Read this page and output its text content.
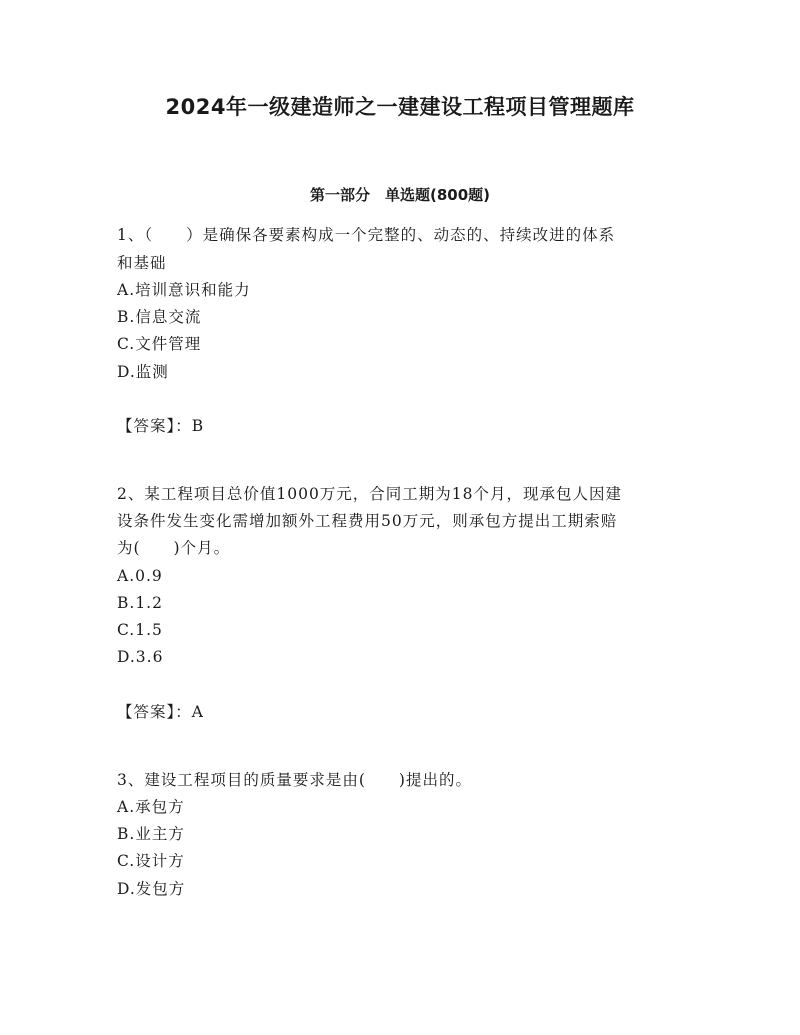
2024年一级建造师之一建建设工程项目管理题库
第一部分　单选题(800题)
1、（　　）是确保各要素构成一个完整的、动态的、持续改进的体系
和基础
A.培训意识和能力
B.信息交流
C.文件管理
D.监测
【答案】：B
2、某工程项目总价值1000万元，合同工期为18个月，现承包人因建
设条件发生变化需增加额外工程费用50万元，则承包方提出工期索赔
为(　　)个月。
A.0.9
B.1.2
C.1.5
D.3.6
【答案】：A
3、建设工程项目的质量要求是由(　　)提出的。
A.承包方
B.业主方
C.设计方
D.发包方
